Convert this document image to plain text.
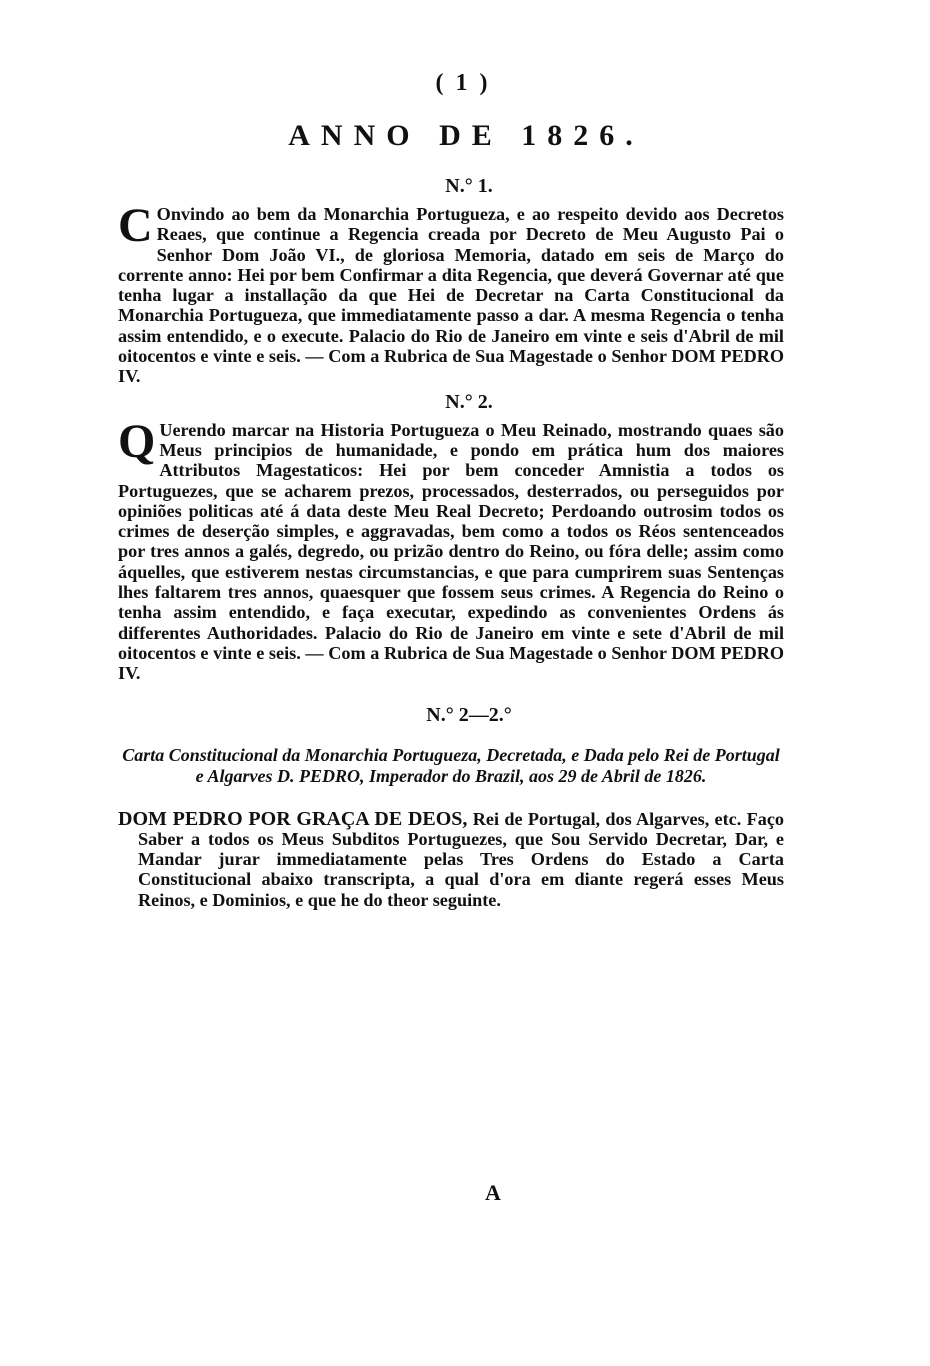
( 1 )
ANNO DE 1826.
N.° 1.

C Onvindo ao bem da Monarchia Portugueza, e ao respeito devido aos Decretos Reaes, que continue a Regencia creada por Decreto de Meu Augusto Pai o Senhor Dom João VI., de gloriosa Memoria, datado em seis de Março do corrente anno: Hei por bem Confirmar a dita Regencia, que deverá Governar até que tenha lugar a installação da que Hei de Decretar na Carta Constitucional da Monarchia Portugueza, que immediatamente passo a dar. A mesma Regencia o tenha assim entendido, e o execute. Palacio do Rio de Janeiro em vinte e seis d'Abril de mil oitocentos e vinte e seis. — Com a Rubrica de Sua Magestade o Senhor DOM PEDRO IV.

N.° 2.

Q Uerendo marcar na Historia Portugueza o Meu Reinado, mostrando quaes são Meus principios de humanidade, e pondo em prática hum dos maiores Attributos Magestaticos: Hei por bem conceder Amnistia a todos os Portuguezes, que se acharem prezos, processados, desterrados, ou perseguidos por opiniões politicas até á data deste Meu Real Decreto; Perdoando outrosim todos os crimes de deserção simples, e aggravadas, bem como a todos os Réos sentenceados por tres annos a galés, degredo, ou prizão dentro do Reino, ou fóra delle; assim como áquelles, que estiverem nestas circumstancias, e que para cumprirem suas Sentenças lhes faltarem tres annos, quaesquer que fossem seus crimes. A Regencia do Reino o tenha assim entendido, e faça executar, expedindo as convenientes Ordens ás differentes Authoridades. Palacio do Rio de Janeiro em vinte e sete d'Abril de mil oitocentos e vinte e seis. — Com a Rubrica de Sua Magestade o Senhor DOM PEDRO IV.

N.° 2—2.°

Carta Constitucional da Monarchia Portugueza, Decretada, e Dada pelo Rei de Portugal e Algarves D. PEDRO, Imperador do Brazil, aos 29 de Abril de 1826.

DOM PEDRO POR GRAÇA DE DEOS, Rei de Portugal, dos Algarves, etc. Faço Saber a todos os Meus Subditos Portuguezes, que Sou Servido Decretar, Dar, e Mandar jurar immediatamente pelas Tres Ordens do Estado a Carta Constitucional abaixo transcripta, a qual d'ora em diante regerá esses Meus Reinos, e Dominios, e que he do theor seguinte.

A
